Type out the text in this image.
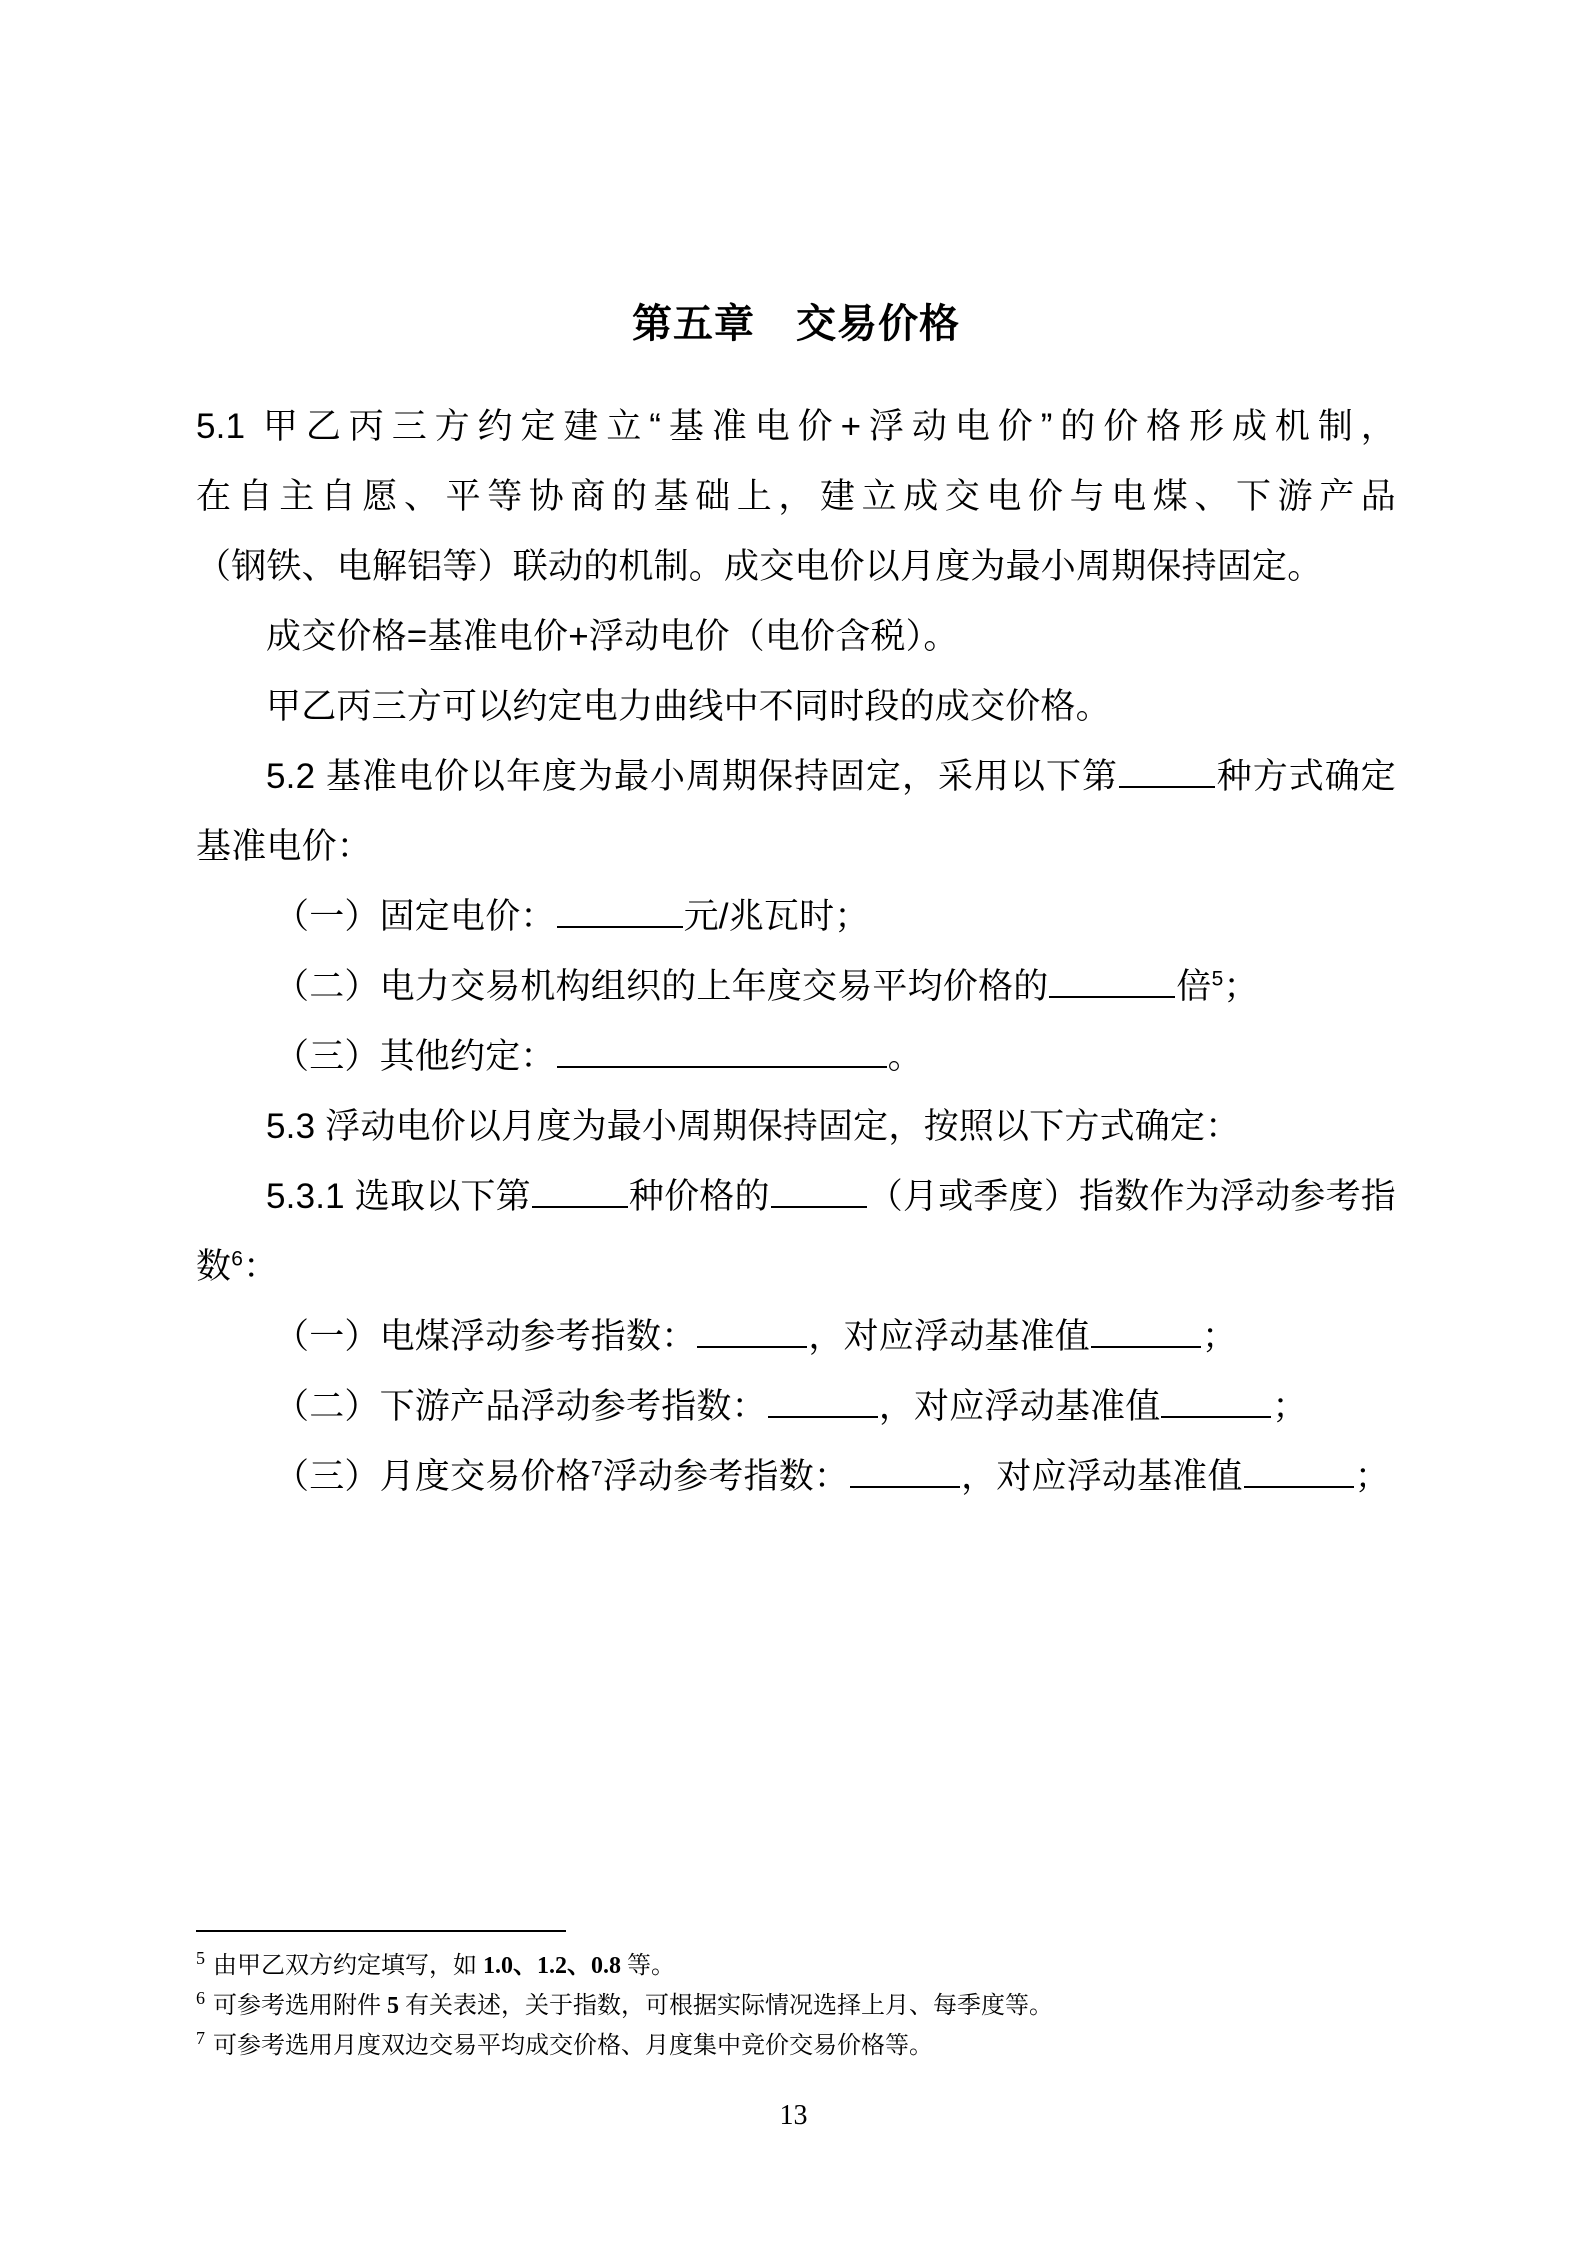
第五章　交易价格

5.1 甲乙丙三方约定建立“基准电价+浮动电价”的价格形成机制，在自主自愿、平等协商的基础上，建立成交电价与电煤、下游产品（钢铁、电解铝等）联动的机制。成交电价以月度为最小周期保持固定。

成交价格=基准电价+浮动电价（电价含税）。

甲乙丙三方可以约定电力曲线中不同时段的成交价格。

5.2 基准电价以年度为最小周期保持固定，采用以下第	种方式确定基准电价：

（一）固定电价：	元/兆瓦时；

（二）电力交易机构组织的上年度交易平均价格的	倍$^5$；

（三）其他约定：	。

5.3 浮动电价以月度为最小周期保持固定，按照以下方式确定：

5.3.1 选取以下第	种价格的	（月或季度）指数作为浮动参考指数$^6$：

（一）电煤浮动参考指数：	，对应浮动基准值	；

（二）下游产品浮动参考指数：	，对应浮动基准值	；

（三）月度交易价格$^7$浮动参考指数：	，对应浮动基准值	；

$^5$ 由甲乙双方约定填写，如 1.0、1.2、0.8 等。

$^6$ 可参考选用附件 5 有关表述，关于指数，可根据实际情况选择上月、每季度等。

$^7$ 可参考选用月度双边交易平均成交价格、月度集中竞价交易价格等。

13
